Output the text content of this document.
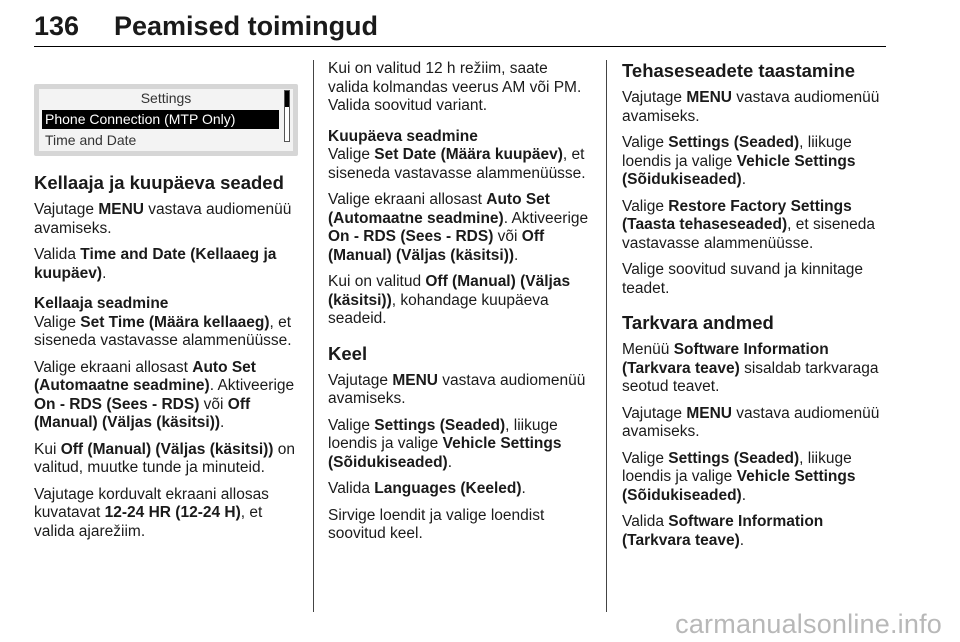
136 Peamised toimingud
Settings
Phone Connection (MTP Only)
Time and Date
Kellaaja ja kuupäeva seaded

Vajutage MENU vastava audiomenüü avamiseks.

Valida Time and Date (Kellaaeg ja kuupäev).

Kellaaja seadmine

Valige Set Time (Määra kellaaeg), et siseneda vastavasse alammenüüsse.

Valige ekraani allosast Auto Set (Automaatne seadmine). Aktiveerige On - RDS (Sees - RDS) või Off (Manual) (Väljas (käsitsi)).

Kui Off (Manual) (Väljas (käsitsi)) on valitud, muutke tunde ja minuteid.

Vajutage korduvalt ekraani allosas kuvatavat 12-24 HR (12-24 H), et valida ajarežiim.

Kui on valitud 12 h režiim, saate valida kolmandas veerus AM või PM. Valida soovitud variant.

Kuupäeva seadmine

Valige Set Date (Määra kuupäev), et siseneda vastavasse alammenüüsse.

Valige ekraani allosast Auto Set (Automaatne seadmine). Aktiveerige On - RDS (Sees - RDS) või Off (Manual) (Väljas (käsitsi)).

Kui on valitud Off (Manual) (Väljas (käsitsi)), kohandage kuupäeva seadeid.

Keel

Vajutage MENU vastava audiomenüü avamiseks.

Valige Settings (Seaded), liikuge loendis ja valige Vehicle Settings (Sõidukiseaded).

Valida Languages (Keeled).

Sirvige loendit ja valige loendist soovitud keel.

Tehaseseadete taastamine

Vajutage MENU vastava audiomenüü avamiseks.

Valige Settings (Seaded), liikuge loendis ja valige Vehicle Settings (Sõidukiseaded).

Valige Restore Factory Settings (Taasta tehaseseaded), et siseneda vastavasse alammenüüsse.

Valige soovitud suvand ja kinnitage teadet.

Tarkvara andmed

Menüü Software Information (Tarkvara teave) sisaldab tarkvaraga seotud teavet.

Vajutage MENU vastava audiomenüü avamiseks.

Valige Settings (Seaded), liikuge loendis ja valige Vehicle Settings (Sõidukiseaded).

Valida Software Information (Tarkvara teave).

carmanualsonline.info
